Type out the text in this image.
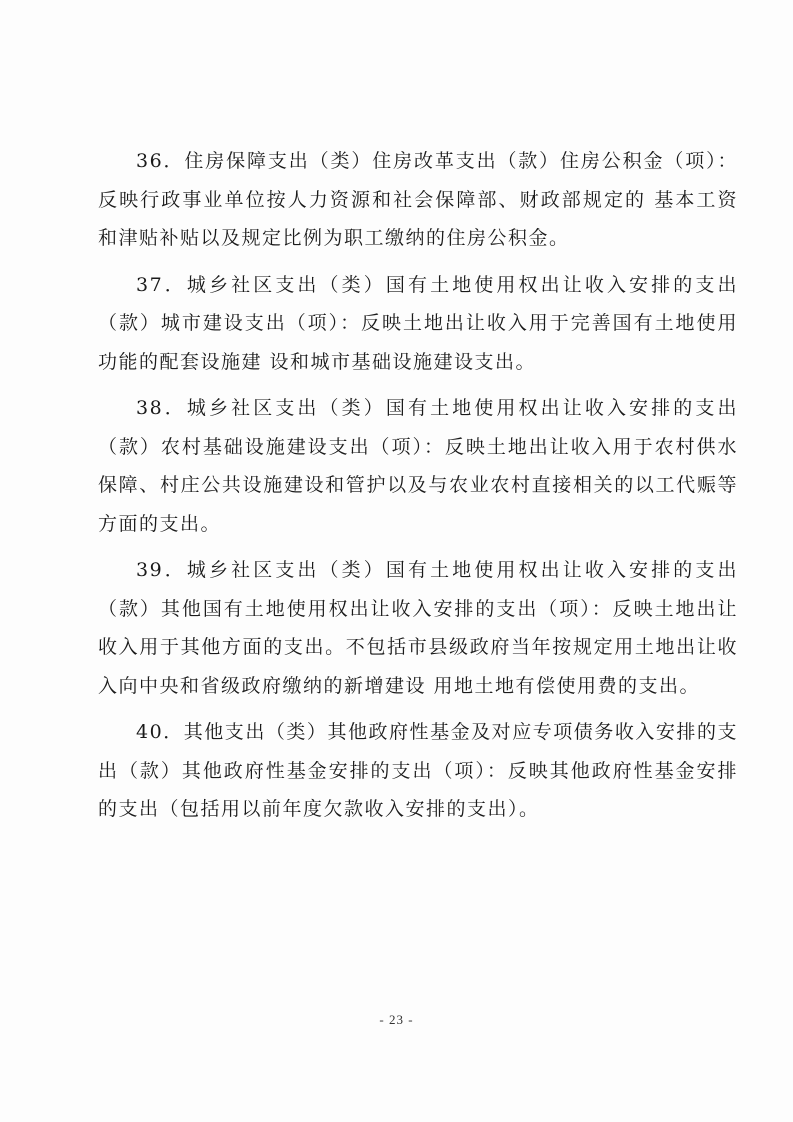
36．住房保障支出（类）住房改革支出（款）住房公积金（项）：反映行政事业单位按人力资源和社会保障部、财政部规定的 基本工资和津贴补贴以及规定比例为职工缴纳的住房公积金。

37．城乡社区支出（类）国有土地使用权出让收入安排的支出（款）城市建设支出（项）：反映土地出让收入用于完善国有土地使用功能的配套设施建 设和城市基础设施建设支出。

38．城乡社区支出（类）国有土地使用权出让收入安排的支出（款）农村基础设施建设支出（项）：反映土地出让收入用于农村供水保障、村庄公共设施建设和管护以及与农业农村直接相关的以工代赈等方面的支出。

39．城乡社区支出（类）国有土地使用权出让收入安排的支出（款）其他国有土地使用权出让收入安排的支出（项）：反映土地出让收入用于其他方面的支出。不包括市县级政府当年按规定用土地出让收入向中央和省级政府缴纳的新增建设 用地土地有偿使用费的支出。

40．其他支出（类）其他政府性基金及对应专项债务收入安排的支出（款）其他政府性基金安排的支出（项）：反映其他政府性基金安排的支出（包括用以前年度欠款收入安排的支出）。

- 23 -
